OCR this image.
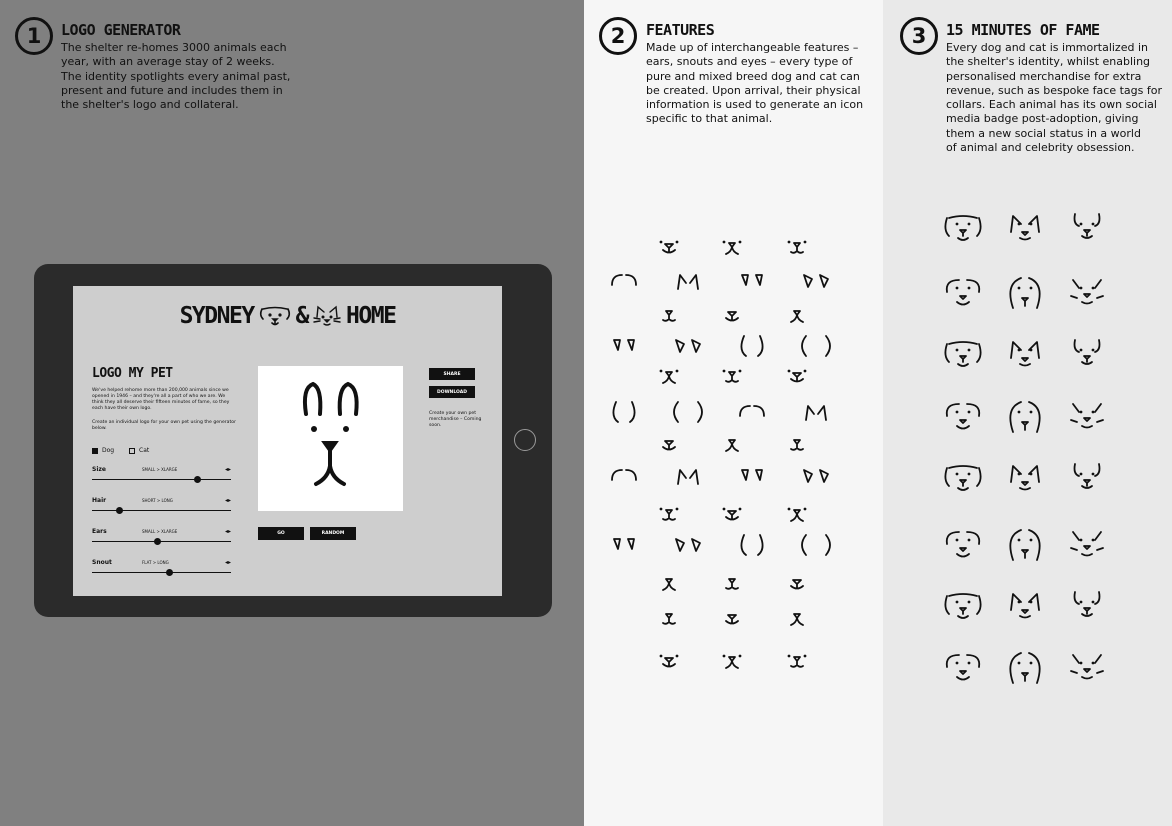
1	LOGO GENERATOR
The shelter re-homes 3000 animals each
year, with an average stay of 2 weeks.
The identity spotlights every animal past,
present and future and includes them in
the shelter's logo and collateral.
SYDNEY & HOME
LOGO MY PET
We've helped rehome more than 200,000 animals since we opened in 1946 – and they're all a part of who we are. We think they all deserve their fifteen minutes of fame, so they each have their own logo.
Create an individual logo for your own pet using the generator below.
Dog	Cat
Size	SMALL > XLARGE	◂▸
Hair	SHORT > LONG	◂▸
Ears	SMALL > XLARGE	◂▸
Snout	FLAT > LONG	◂▸
SHARE
DOWNLOAD
Create your own pet merchandise – Coming soon.
GO	RANDOM
2	FEATURES
Made up of interchangeable features –
ears, snouts and eyes – every type of
pure and mixed breed dog and cat can
be created. Upon arrival, their physical
information is used to generate an icon
specific to that animal.
3	15 MINUTES OF FAME
Every dog and cat is immortalized in
the shelter's identity, whilst enabling
personalised merchandise for extra
revenue, such as bespoke face tags for
collars. Each animal has its own social
media badge post-adoption, giving
them a new social status in a world
of animal and celebrity obsession.
